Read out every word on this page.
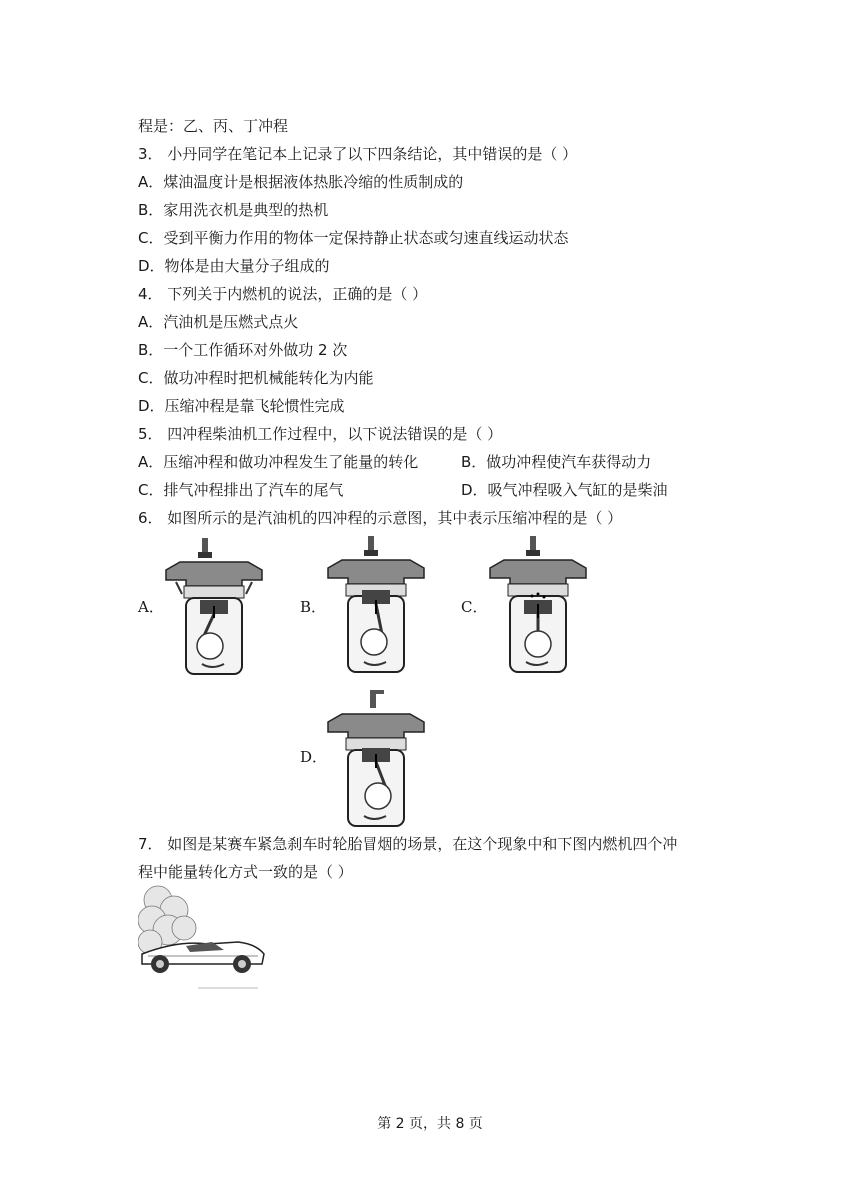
程是：乙、丙、丁冲程
3． 小丹同学在笔记本上记录了以下四条结论，其中错误的是（ ）
A．煤油温度计是根据液体热胀冷缩的性质制成的
B．家用洗衣机是典型的热机
C．受到平衡力作用的物体一定保持静止状态或匀速直线运动状态
D．物体是由大量分子组成的
4． 下列关于内燃机的说法，正确的是（ ）
A．汽油机是压燃式点火
B．一个工作循环对外做功 2 次
C．做功冲程时把机械能转化为内能
D．压缩冲程是靠飞轮惯性完成
5． 四冲程柴油机工作过程中，以下说法错误的是（ ）
A．压缩冲程和做功冲程发生了能量的转化	B．做功冲程使汽车获得动力
C．排气冲程排出了汽车的尾气	D．吸气冲程吸入气缸的是柴油
6． 如图所示的是汽油机的四冲程的示意图，其中表示压缩冲程的是（ ）
A．	B．	C．
D．
7． 如图是某赛车紧急刹车时轮胎冒烟的场景，在这个现象中和下图内燃机四个冲
程中能量转化方式一致的是（ ）
第 2 页，共 8 页
